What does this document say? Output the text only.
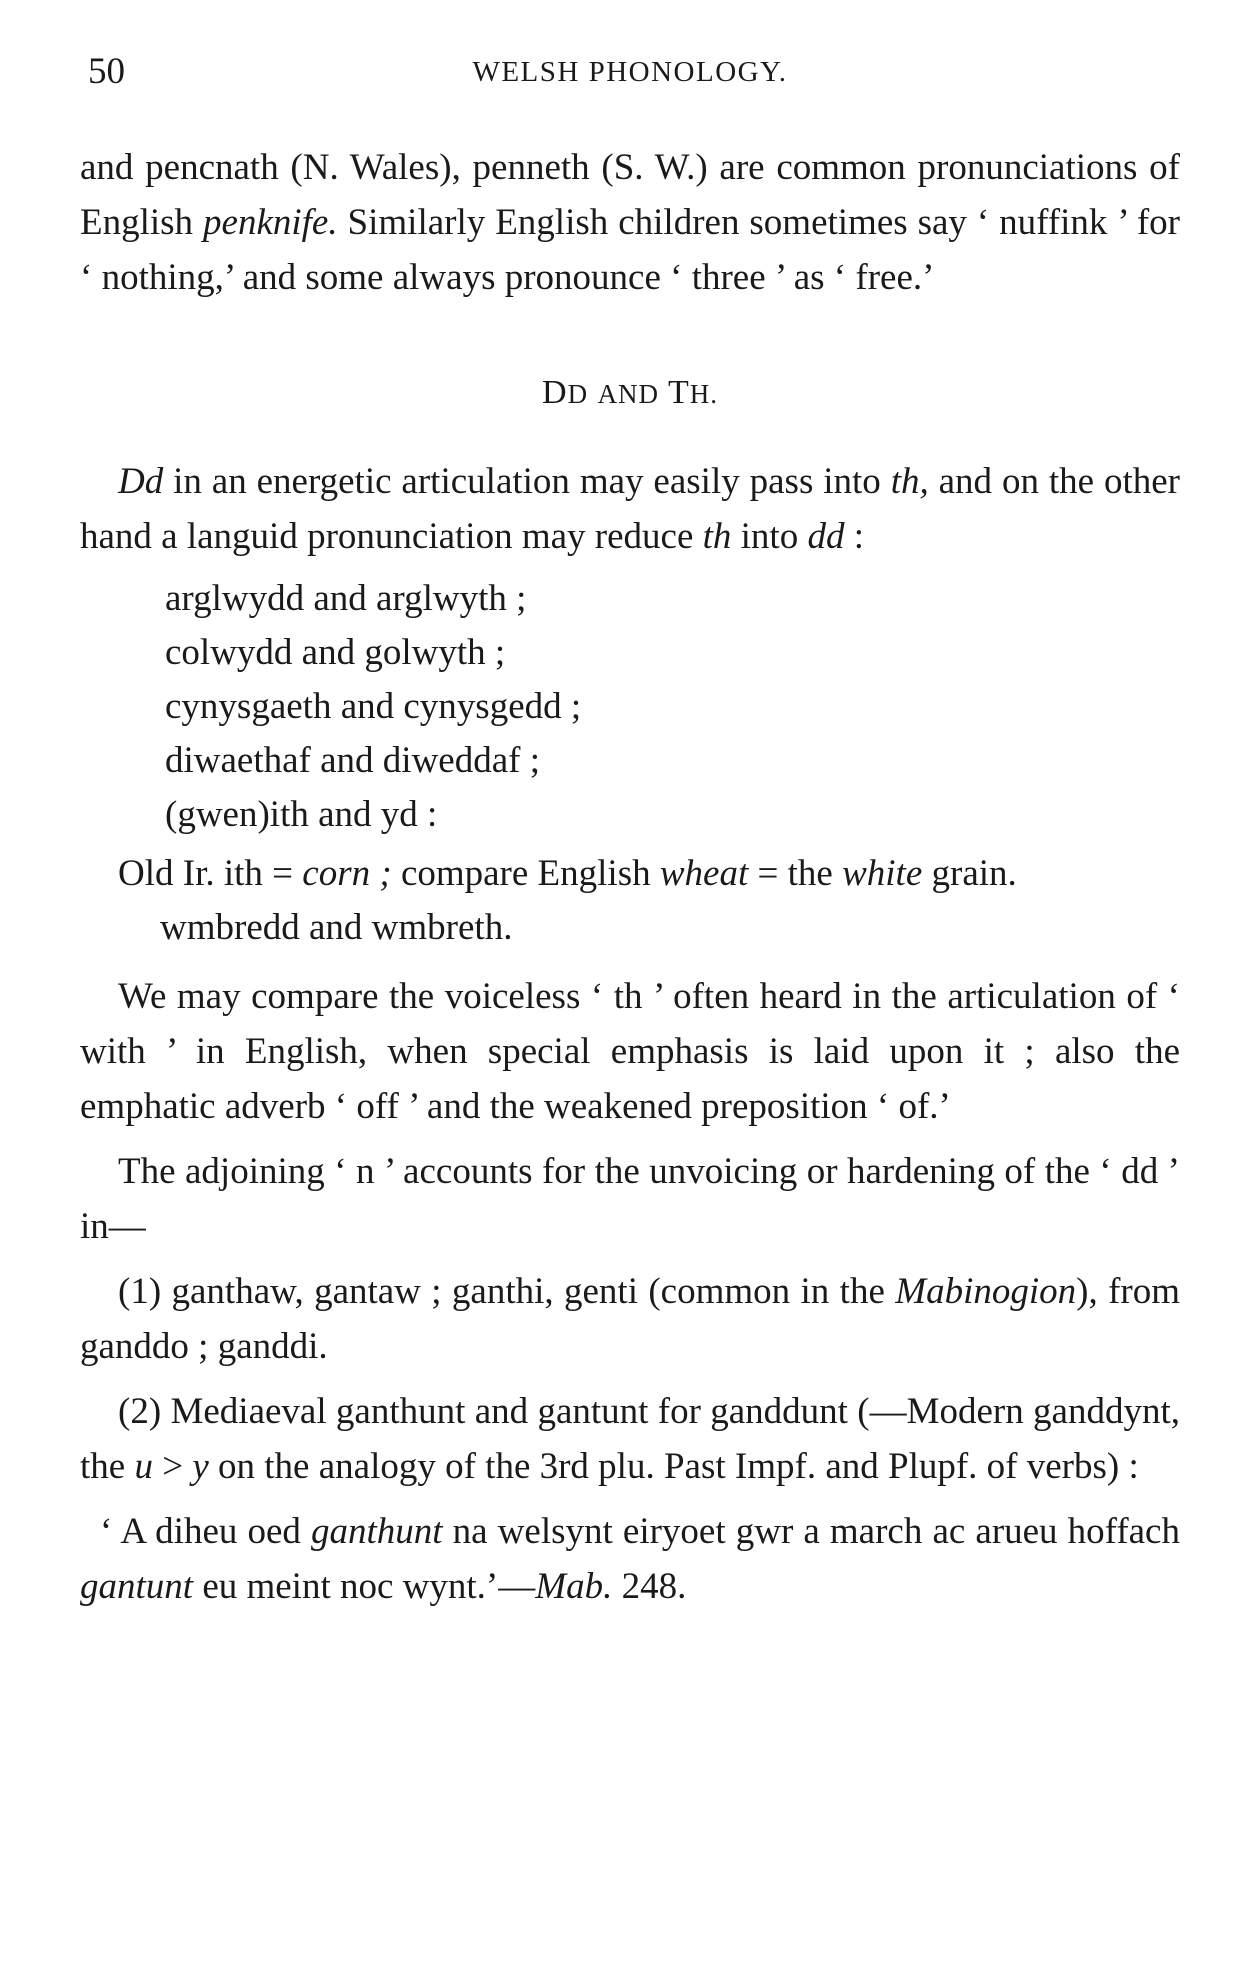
50	WELSH PHONOLOGY.

and pencnath (N. Wales), penneth (S. W.) are common pronunciations of English penknife. Similarly English children sometimes say ‘ nuffink ’ for ‘ nothing,’ and some always pronounce ‘ three ’ as ‘ free.’

DD AND TH.

Dd in an energetic articulation may easily pass into th, and on the other hand a languid pronunciation may reduce th into dd :

arglwydd and arglwyth ;
colwydd and golwyth ;
cynysgaeth and cynysgedd ;
diwaethaf and diweddaf ;
(gwen)ith and yd :

Old Ir. ith = corn ; compare English wheat = the white grain.

wmbredd and wmbreth.

We may compare the voiceless ‘ th ’ often heard in the articulation of ‘ with ’ in English, when special emphasis is laid upon it ; also the emphatic adverb ‘ off ’ and the weakened preposition ‘ of.’

The adjoining ‘ n ’ accounts for the unvoicing or hardening of the ‘ dd ’ in—

(1) ganthaw, gantaw ; ganthi, genti (common in the Mabinogion), from ganddo ; ganddi.

(2) Mediaeval ganthunt and gantunt for ganddunt (—Modern ganddynt, the u > y on the analogy of the 3rd plu. Past Impf. and Plupf. of verbs) :

‘ A diheu oed ganthunt na welsynt eiryoet gwr a march ac arueu hoffach gantunt eu meint noc wynt.’—Mab. 248.
